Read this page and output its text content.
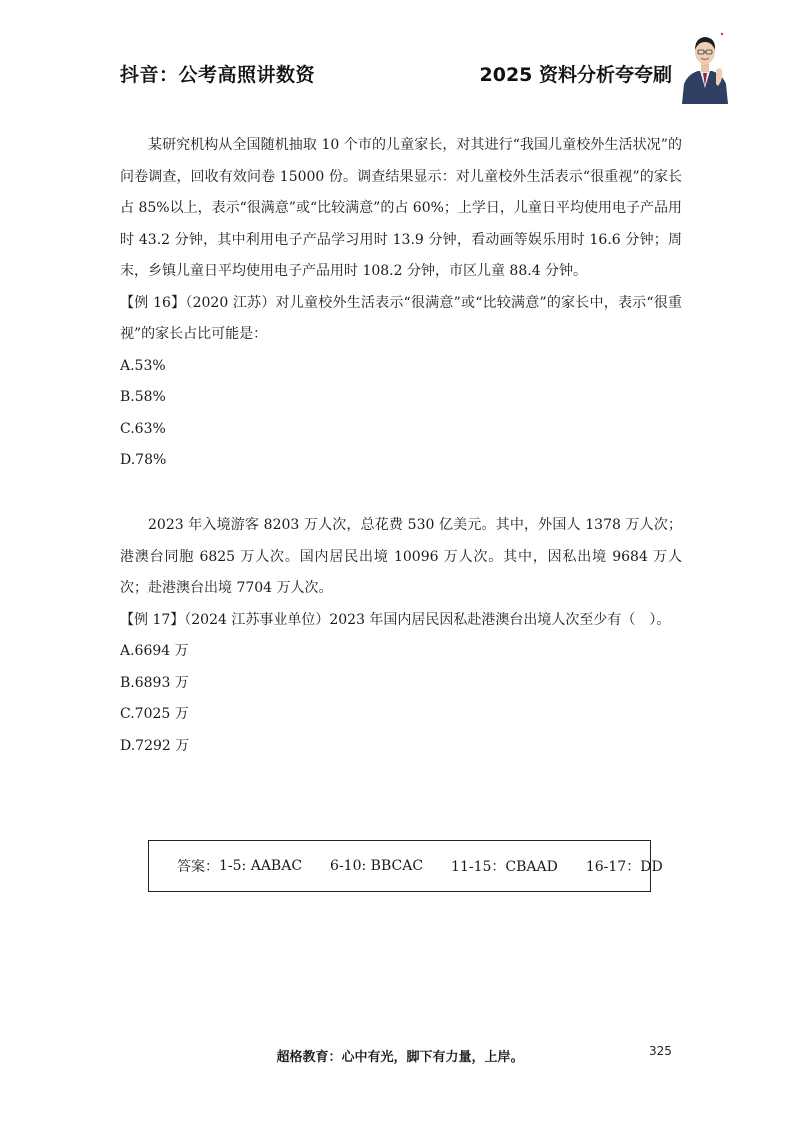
抖音：公考高照讲数资	2025 资料分析夸夸刷

某研究机构从全国随机抽取 10 个市的儿童家长，对其进行“我国儿童校外生活状况”的问卷调查，回收有效问卷 15000 份。调查结果显示：对儿童校外生活表示“很重视”的家长占 85%以上，表示“很满意”或“比较满意”的占 60%；上学日，儿童日平均使用电子产品用时 43.2 分钟，其中利用电子产品学习用时 13.9 分钟，看动画等娱乐用时 16.6 分钟；周末，乡镇儿童日平均使用电子产品用时 108.2 分钟，市区儿童 88.4 分钟。

【例 16】（2020 江苏）对儿童校外生活表示“很满意”或“比较满意”的家长中，表示“很重视”的家长占比可能是：

A.53%

B.58%

C.63%

D.78%

2023 年入境游客 8203 万人次，总花费 530 亿美元。其中，外国人 1378 万人次；港澳台同胞 6825 万人次。国内居民出境 10096 万人次。其中，因私出境 9684 万人次；赴港澳台出境 7704 万人次。

【例 17】（2024 江苏事业单位）2023 年国内居民因私赴港澳台出境人次至少有（　）。

A.6694 万

B.6893 万

C.7025 万

D.7292 万

答案： 1-5: AABAC 6-10: BBCAC 11-15：CBAAD 16-17：DD
超格教育：心中有光，脚下有力量，上岸。	325
